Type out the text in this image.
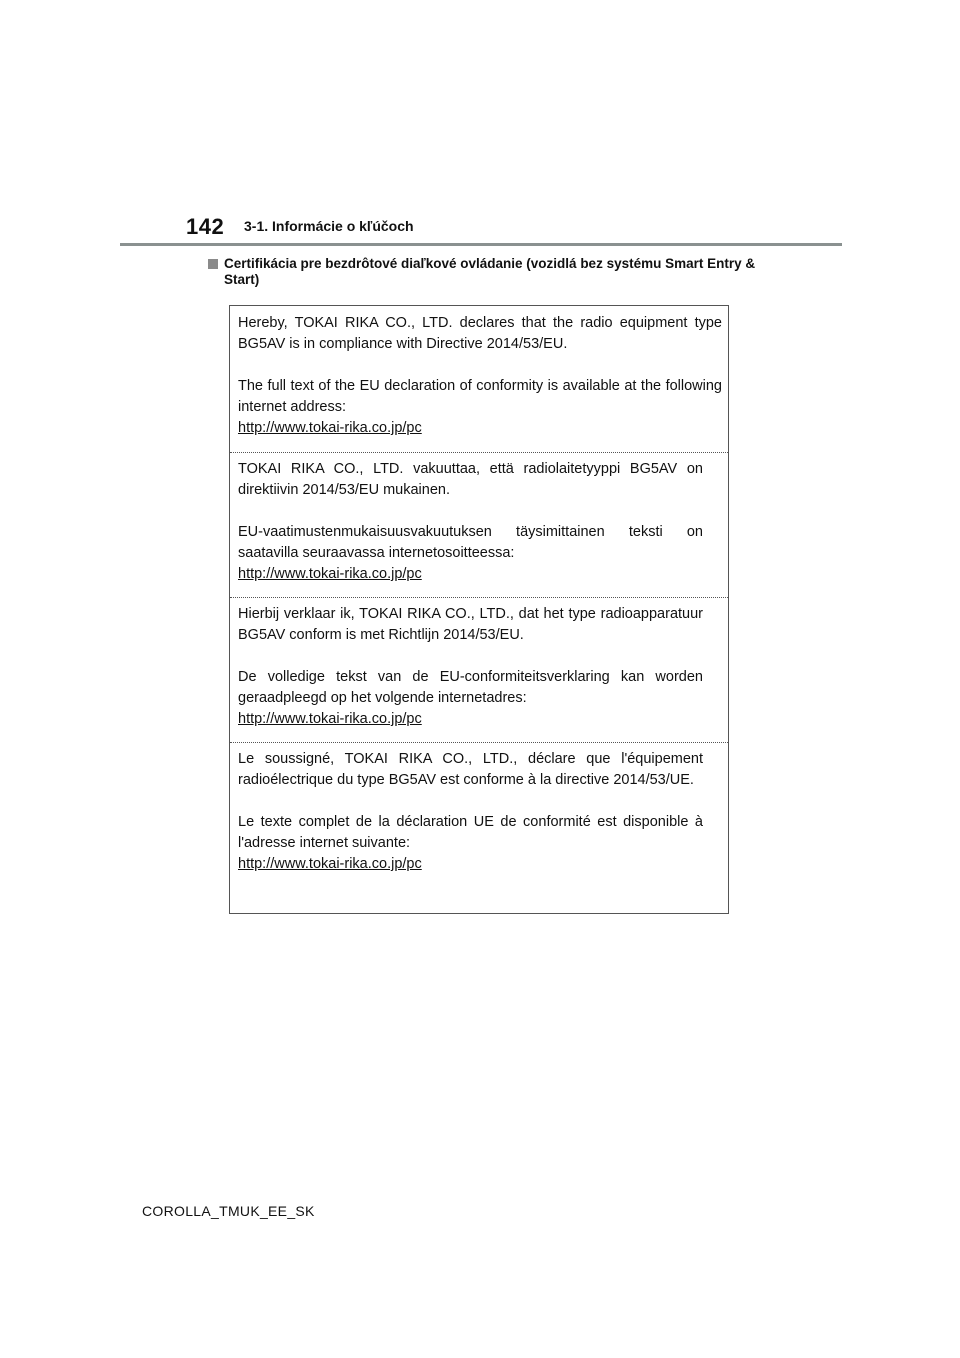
142 3-1. Informácie o kľúčoch
Certifikácia pre bezdrôtové diaľkové ovládanie (vozidlá bez systému Smart Entry & Start)

Hereby, TOKAI RIKA CO., LTD. declares that the radio equipment type BG5AV is in compliance with Directive 2014/53/EU.

The full text of the EU declaration of conformity is available at the following internet address:
http://www.tokai-rika.co.jp/pc

TOKAI RIKA CO., LTD. vakuuttaa, että radiolaitetyyppi BG5AV on direktiivin 2014/53/EU mukainen.

EU-vaatimustenmukaisuusvakuutuksen täysimittainen teksti on saatavilla seuraavassa internetosoitteessa:
http://www.tokai-rika.co.jp/pc

Hierbij verklaar ik, TOKAI RIKA CO., LTD., dat het type radioapparatuur BG5AV conform is met Richtlijn 2014/53/EU.

De volledige tekst van de EU-conformiteitsverklaring kan worden geraadpleegd op het volgende internetadres:
http://www.tokai-rika.co.jp/pc

Le soussigné, TOKAI RIKA CO., LTD., déclare que l'équipement radioélectrique du type BG5AV est conforme à la directive 2014/53/UE.

Le texte complet de la déclaration UE de conformité est disponible à l'adresse internet suivante:
http://www.tokai-rika.co.jp/pc

COROLLA_TMUK_EE_SK
